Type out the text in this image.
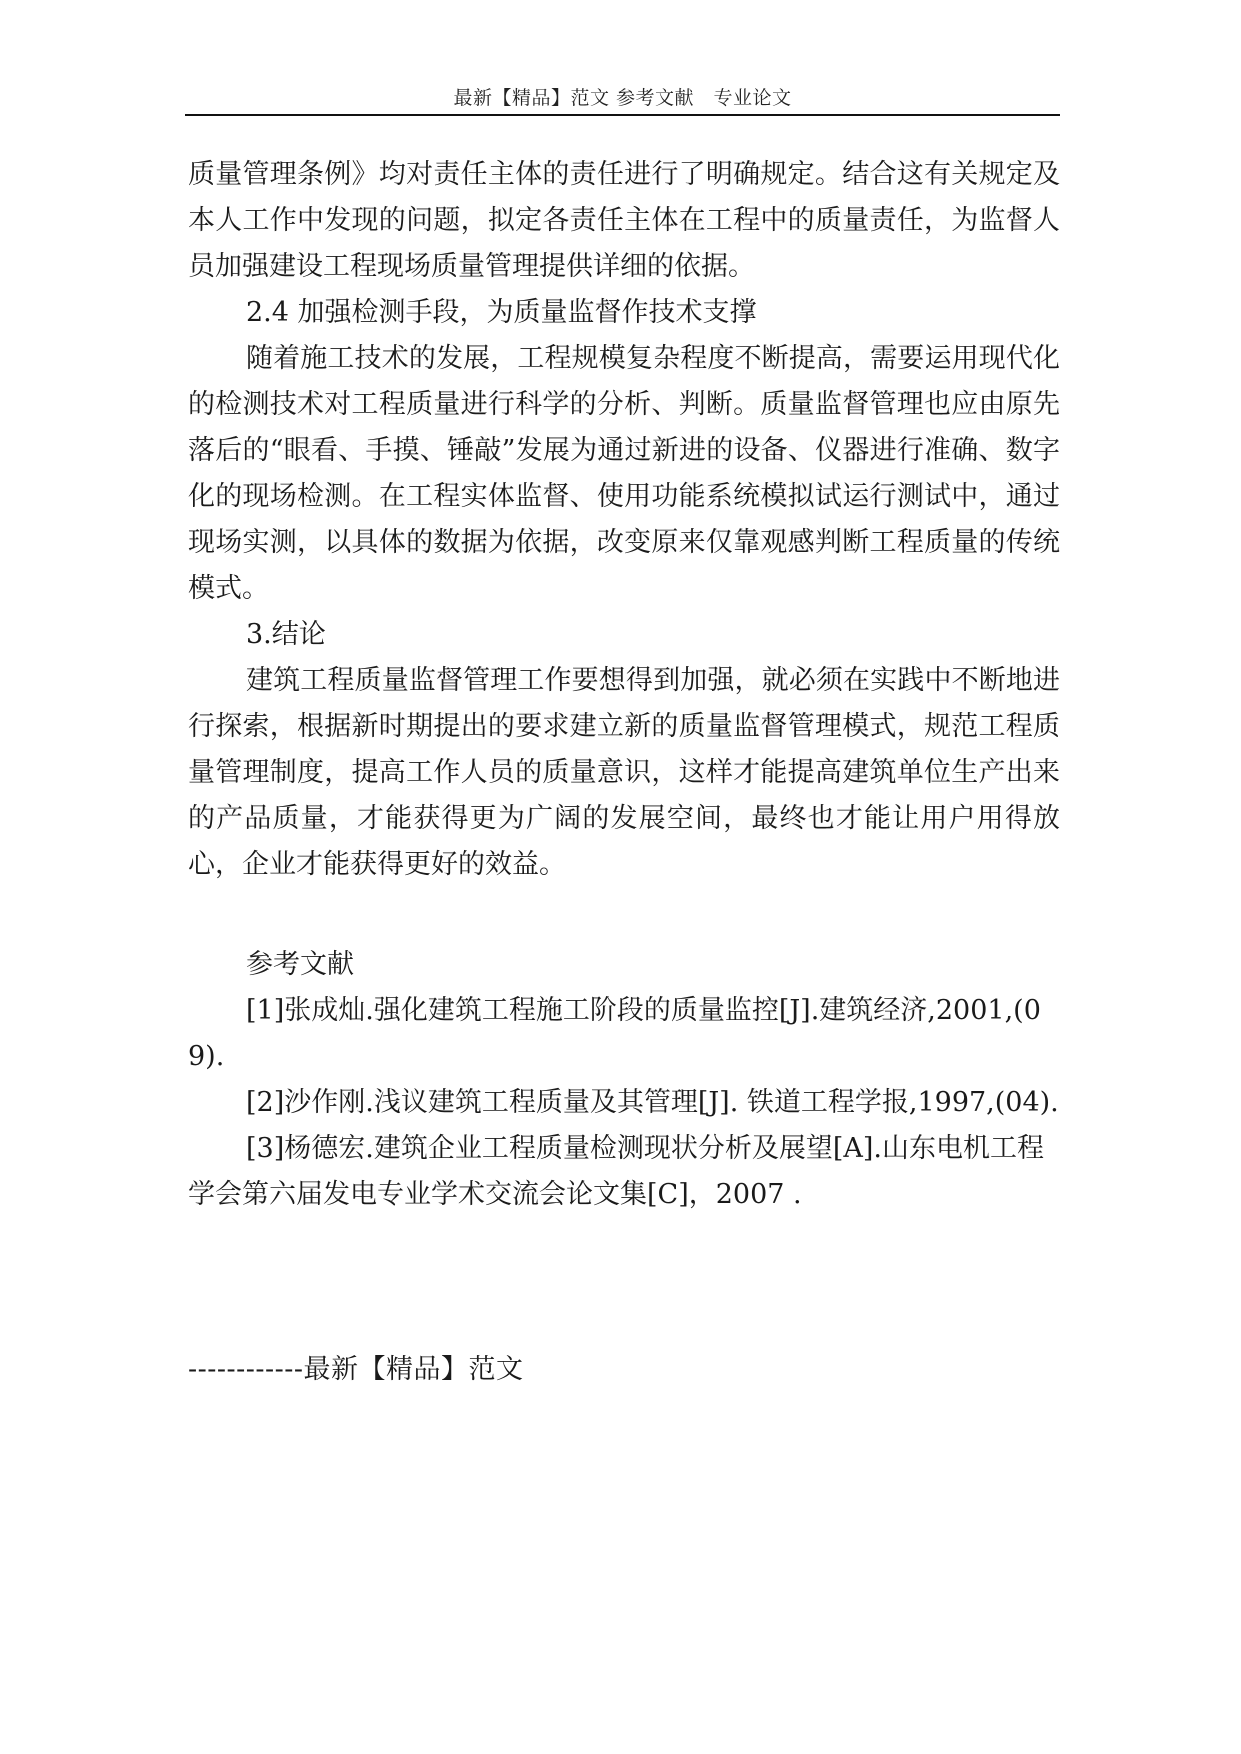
最新【精品】范文 参考文献　专业论文

质量管理条例》均对责任主体的责任进行了明确规定。结合这有关规定及本人工作中发现的问题，拟定各责任主体在工程中的质量责任，为监督人员加强建设工程现场质量管理提供详细的依据。

2.4 加强检测手段，为质量监督作技术支撑

随着施工技术的发展，工程规模复杂程度不断提高，需要运用现代化的检测技术对工程质量进行科学的分析、判断。质量监督管理也应由原先落后的“眼看、手摸、锤敲”发展为通过新进的设备、仪器进行准确、数字化的现场检测。在工程实体监督、使用功能系统模拟试运行测试中，通过现场实测，以具体的数据为依据，改变原来仅靠观感判断工程质量的传统模式。

3.结论

建筑工程质量监督管理工作要想得到加强，就必须在实践中不断地进行探索，根据新时期提出的要求建立新的质量监督管理模式，规范工程质量管理制度，提高工作人员的质量意识，这样才能提高建筑单位生产出来的产品质量，才能获得更为广阔的发展空间，最终也才能让用户用得放心，企业才能获得更好的效益。

参考文献

[1]张成灿.强化建筑工程施工阶段的质量监控[J].建筑经济,2001,(09).

[2]沙作刚.浅议建筑工程质量及其管理[J]. 铁道工程学报,1997,(04).

[3]杨德宏.建筑企业工程质量检测现状分析及展望[A].山东电机工程学会第六届发电专业学术交流会论文集[C]，2007 .

------------最新【精品】范文
